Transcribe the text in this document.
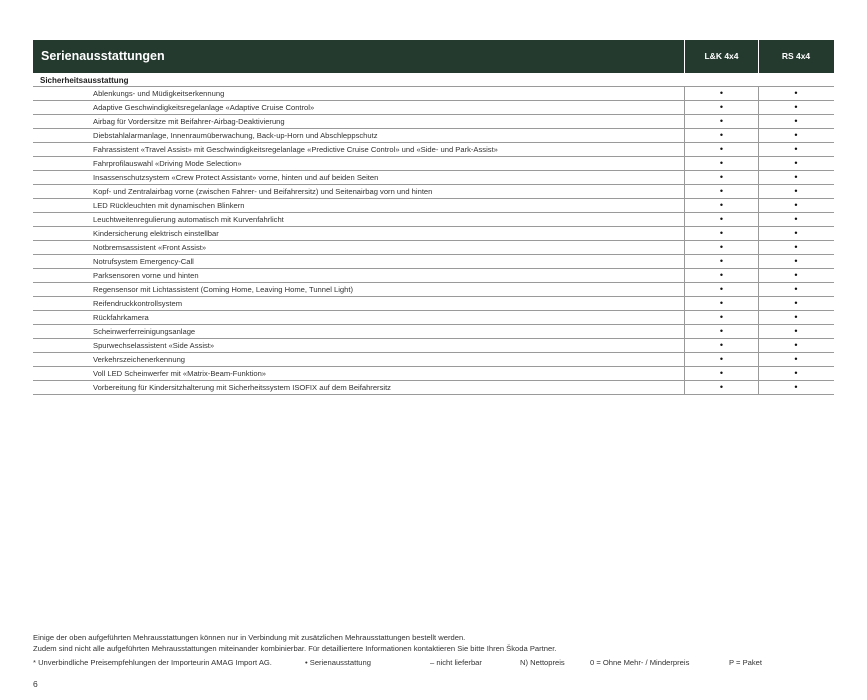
Serienausstattungen	L&K 4x4	RS 4x4
Sicherheitsausstattung
Ablenkungs- und Müdigkeitserkennung	•	•
Adaptive Geschwindigkeitsregelanlage «Adaptive Cruise Control»	•	•
Airbag für Vordersitze mit Beifahrer-Airbag-Deaktivierung	•	•
Diebstahlalarmanlage, Innenraumüberwachung, Back-up-Horn und Abschleppschutz	•	•
Fahrassistent «Travel Assist» mit Geschwindigkeitsregelanlage «Predictive Cruise Control» und «Side- und Park-Assist»	•	•
Fahrprofilauswahl «Driving Mode Selection»	•	•
Insassenschutzsystem «Crew Protect Assistant» vorne, hinten und auf beiden Seiten	•	•
Kopf- und Zentralairbag vorne (zwischen Fahrer- und Beifahrersitz) und Seitenairbag vorn und hinten	•	•
LED Rückleuchten mit dynamischen Blinkern	•	•
Leuchtweitenregulierung automatisch mit Kurvenfahrlicht	•	•
Kindersicherung elektrisch einstellbar	•	•
Notbremsassistent «Front Assist»	•	•
Notrufsystem Emergency-Call	•	•
Parksensoren vorne und hinten	•	•
Regensensor mit Lichtassistent (Coming Home, Leaving Home, Tunnel Light)	•	•
Reifendruckkontrollsystem	•	•
Rückfahrkamera	•	•
Scheinwerferreinigungsanlage	•	•
Spurwechselassistent «Side Assist»	•	•
Verkehrszeichenerkennung	•	•
Voll LED Scheinwerfer mit «Matrix-Beam-Funktion»	•	•
Vorbereitung für Kindersitzhalterung mit Sicherheitssystem ISOFIX auf dem Beifahrersitz	•	•
Einige der oben aufgeführten Mehrausstattungen können nur in Verbindung mit zusätzlichen Mehrausstattungen bestellt werden.
Zudem sind nicht alle aufgeführten Mehrausstattungen miteinander kombinierbar. Für detailliertere Informationen kontaktieren Sie bitte Ihren Škoda Partner.
* Unverbindliche Preisempfehlungen der Importeurin AMAG Import AG.	• Serienausstattung	– nicht lieferbar	N) Nettopreis	0 = Ohne Mehr- / Minderpreis	P = Paket
6
